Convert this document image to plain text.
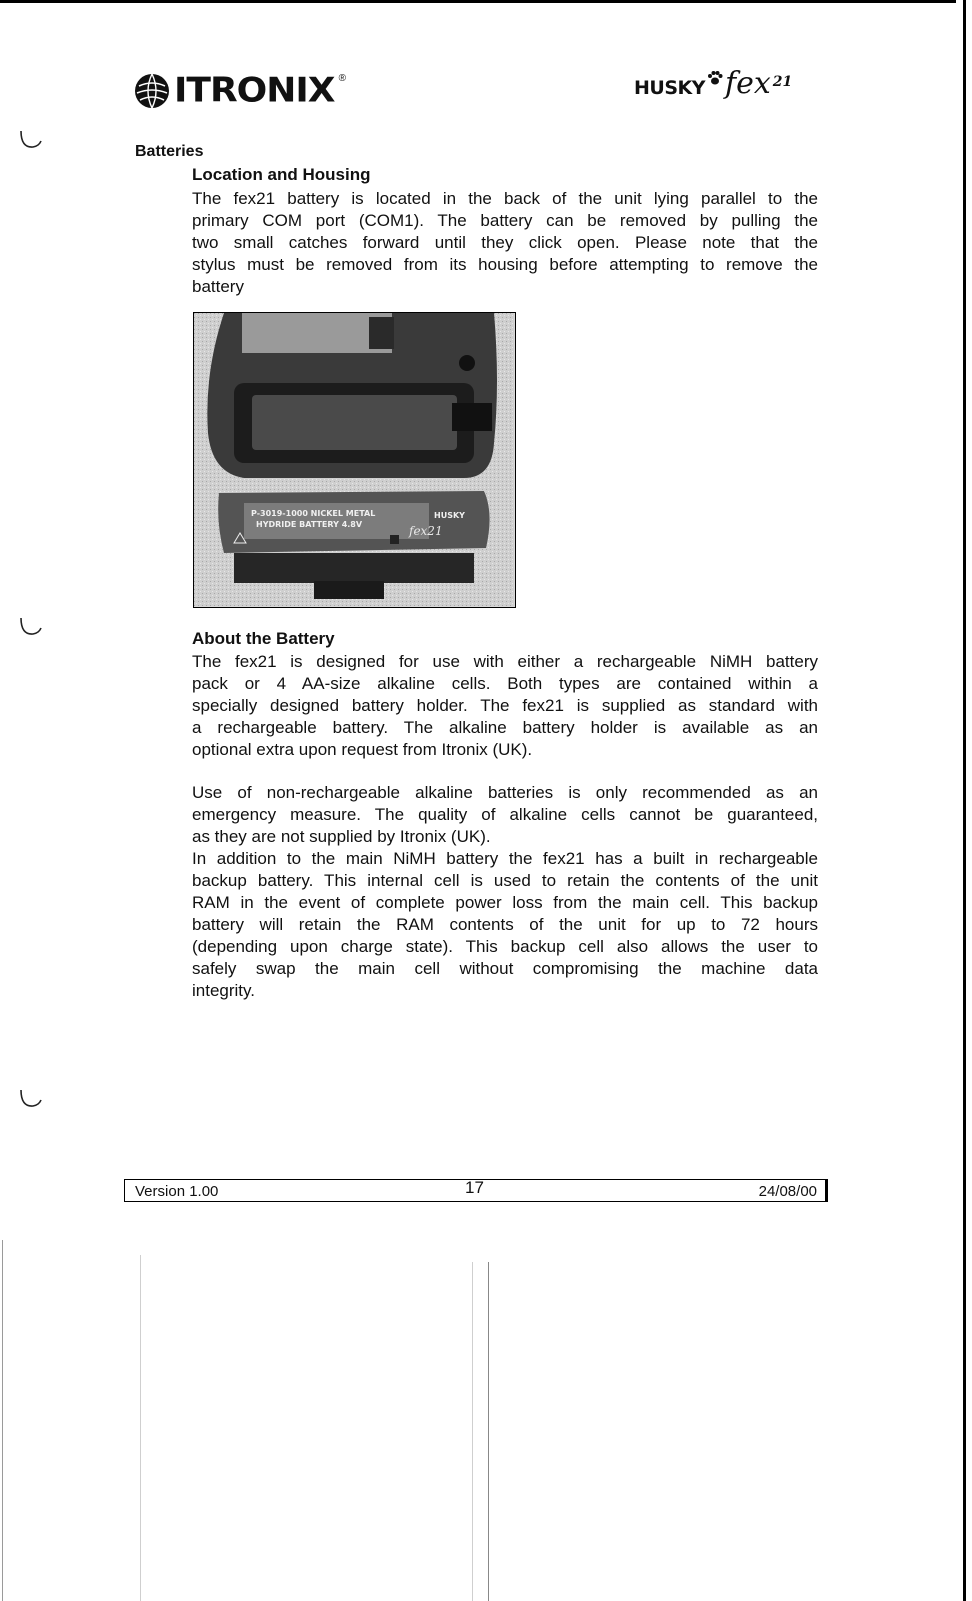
ITRONIX ®	HUSKY fex 21
Batteries
Location and Housing
The fex21 battery is located in the back of the unit lying parallel to the
primary COM port (COM1). The battery can be removed by pulling the
two small catches forward until they click open. Please note that the
stylus must be removed from its housing before attempting to remove the
battery
P-3019-1000 NICKEL METAL
HYDRIDE BATTERY 4.8V
HUSKY
fex21
About the Battery
The fex21 is designed for use with either a rechargeable NiMH battery
pack or 4 AA-size alkaline cells. Both types are contained within a
specially designed battery holder. The fex21 is supplied as standard with
a rechargeable battery. The alkaline battery holder is available as an
optional extra upon request from Itronix (UK).
Use of non-rechargeable alkaline batteries is only recommended as an
emergency measure. The quality of alkaline cells cannot be guaranteed,
as they are not supplied by Itronix (UK).
In addition to the main NiMH battery the fex21 has a built in rechargeable
backup battery. This internal cell is used to retain the contents of the unit
RAM in the event of complete power loss from the main cell. This backup
battery will retain the RAM contents of the unit for up to 72 hours
(depending upon charge state). This backup cell also allows the user to
safely swap the main cell without compromising the machine data
integrity.
Version 1.00	17	24/08/00
